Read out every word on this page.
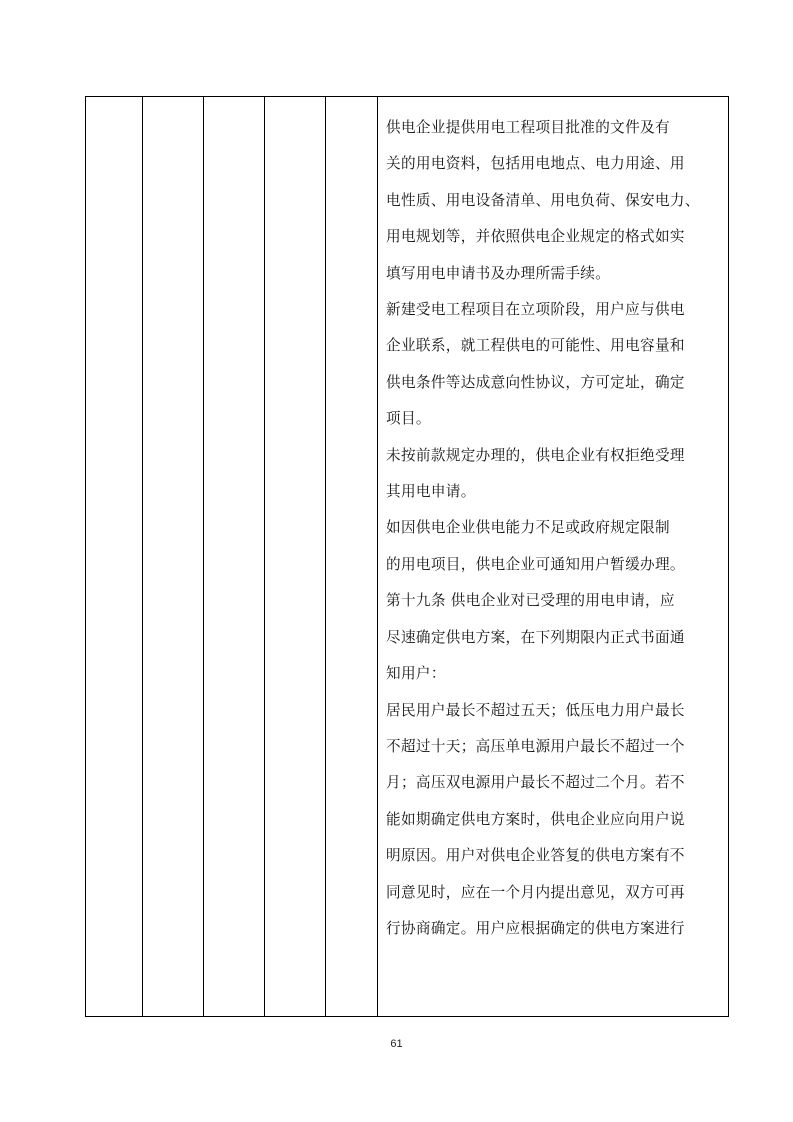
供电企业提供用电工程项目批准的文件及有
关的用电资料，包括用电地点、电力用途、用
电性质、用电设备清单、用电负荷、保安电力、
用电规划等，并依照供电企业规定的格式如实
填写用电申请书及办理所需手续。
新建受电工程项目在立项阶段，用户应与供电
企业联系，就工程供电的可能性、用电容量和
供电条件等达成意向性协议，方可定址，确定
项目。
未按前款规定办理的，供电企业有权拒绝受理
其用电申请。
如因供电企业供电能力不足或政府规定限制
的用电项目，供电企业可通知用户暂缓办理。
第十九条 供电企业对已受理的用电申请，应
尽速确定供电方案，在下列期限内正式书面通
知用户：
居民用户最长不超过五天；低压电力用户最长
不超过十天；高压单电源用户最长不超过一个
月；高压双电源用户最长不超过二个月。若不
能如期确定供电方案时，供电企业应向用户说
明原因。用户对供电企业答复的供电方案有不
同意见时，应在一个月内提出意见，双方可再
行协商确定。用户应根据确定的供电方案进行
61
